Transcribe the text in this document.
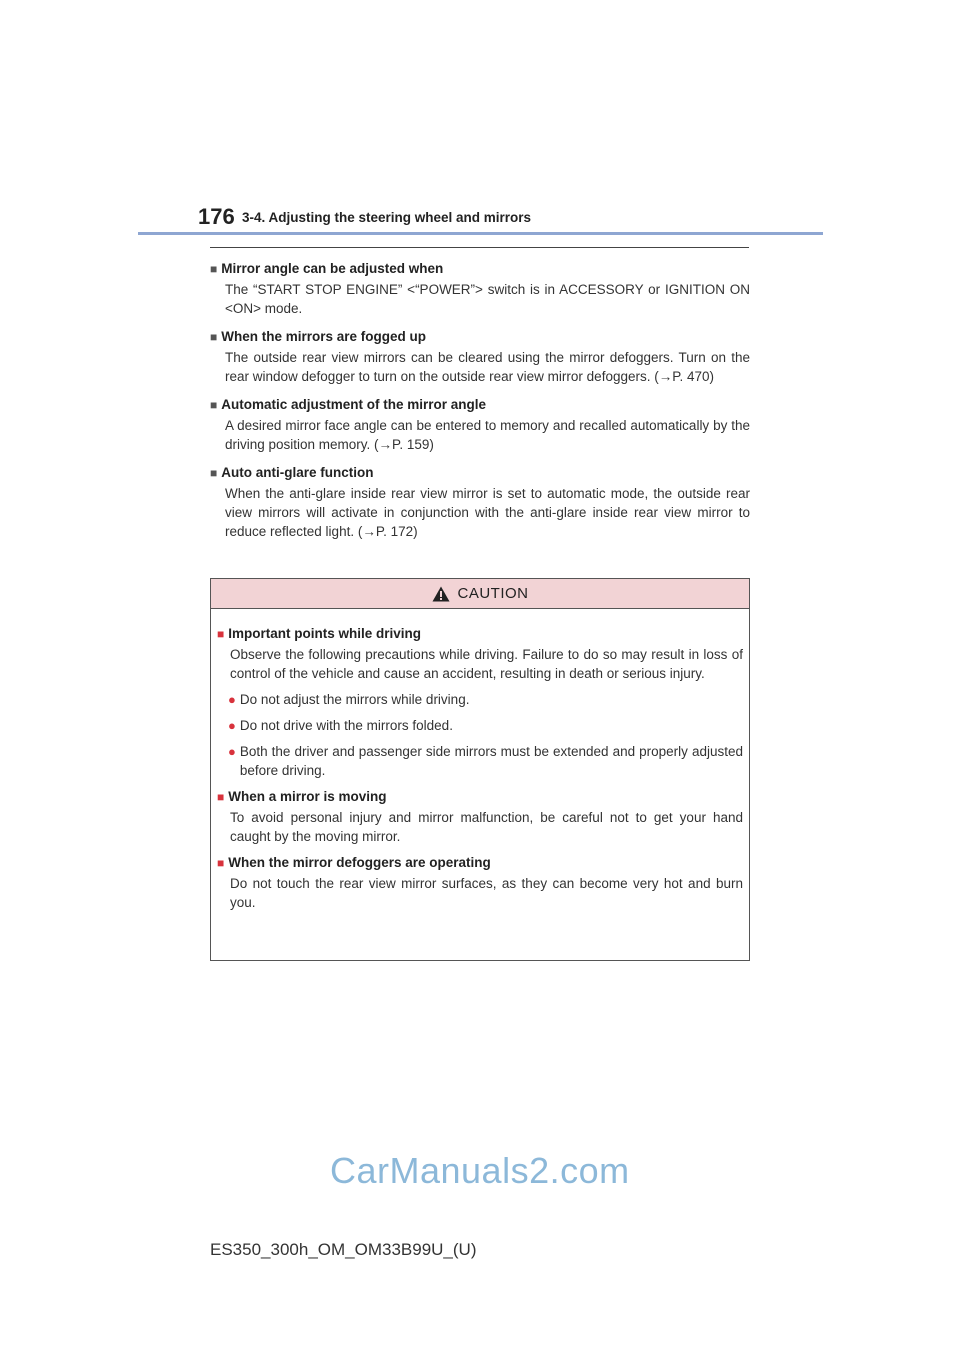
176 3-4. Adjusting the steering wheel and mirrors
■ Mirror angle can be adjusted when
The “START STOP ENGINE” <“POWER”> switch is in ACCESSORY or IGNITION ON <ON> mode.
■ When the mirrors are fogged up
The outside rear view mirrors can be cleared using the mirror defoggers. Turn on the rear window defogger to turn on the outside rear view mirror defoggers. (→P. 470)
■ Automatic adjustment of the mirror angle
A desired mirror face angle can be entered to memory and recalled automatically by the driving position memory. (→P. 159)
■ Auto anti-glare function
When the anti-glare inside rear view mirror is set to automatic mode, the outside rear view mirrors will activate in conjunction with the anti-glare inside rear view mirror to reduce reflected light. (→P. 172)
CAUTION
■ Important points while driving
Observe the following precautions while driving. Failure to do so may result in loss of control of the vehicle and cause an accident, resulting in death or serious injury.
● Do not adjust the mirrors while driving.
● Do not drive with the mirrors folded.
● Both the driver and passenger side mirrors must be extended and properly adjusted before driving.
■ When a mirror is moving
To avoid personal injury and mirror malfunction, be careful not to get your hand caught by the moving mirror.
■ When the mirror defoggers are operating
Do not touch the rear view mirror surfaces, as they can become very hot and burn you.
CarManuals2.com
ES350_300h_OM_OM33B99U_(U)
